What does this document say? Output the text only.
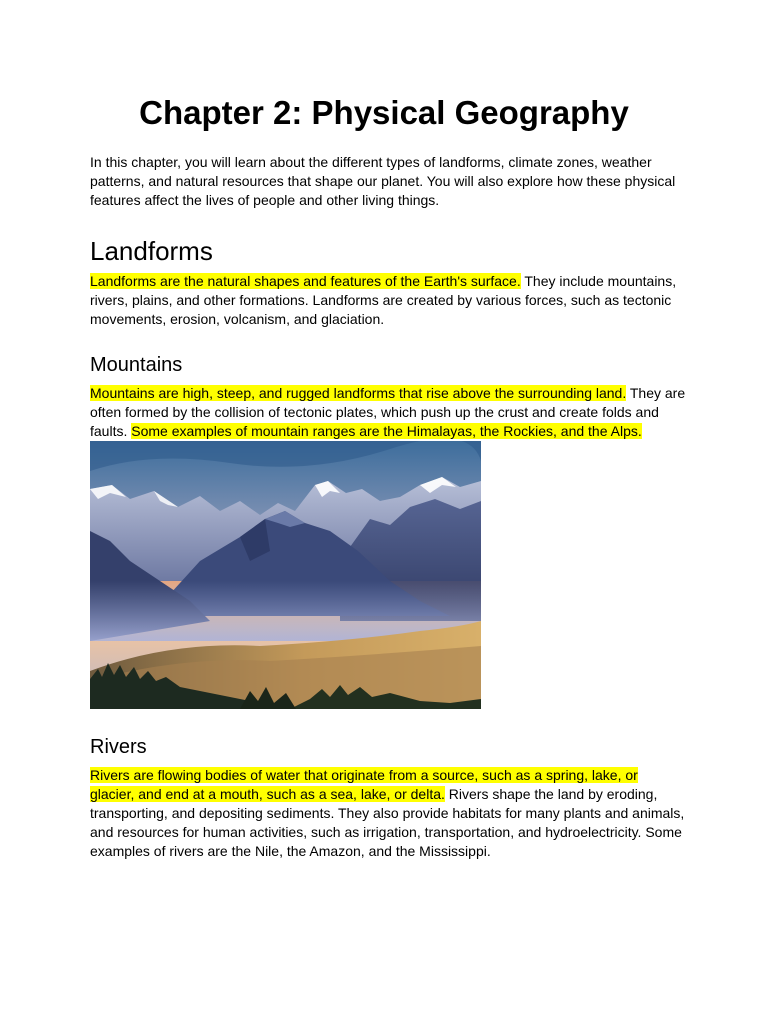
Chapter 2: Physical Geography

In this chapter, you will learn about the different types of landforms, climate zones, weather patterns, and natural resources that shape our planet. You will also explore how these physical features affect the lives of people and other living things.

Landforms

Landforms are the natural shapes and features of the Earth's surface. They include mountains, rivers, plains, and other formations. Landforms are created by various forces, such as tectonic movements, erosion, volcanism, and glaciation.

Mountains

Mountains are high, steep, and rugged landforms that rise above the surrounding land. They are often formed by the collision of tectonic plates, which push up the crust and create folds and faults. Some examples of mountain ranges are the Himalayas, the Rockies, and the Alps.

Rivers

Rivers are flowing bodies of water that originate from a source, such as a spring, lake, or glacier, and end at a mouth, such as a sea, lake, or delta. Rivers shape the land by eroding, transporting, and depositing sediments. They also provide habitats for many plants and animals, and resources for human activities, such as irrigation, transportation, and hydroelectricity. Some examples of rivers are the Nile, the Amazon, and the Mississippi.
